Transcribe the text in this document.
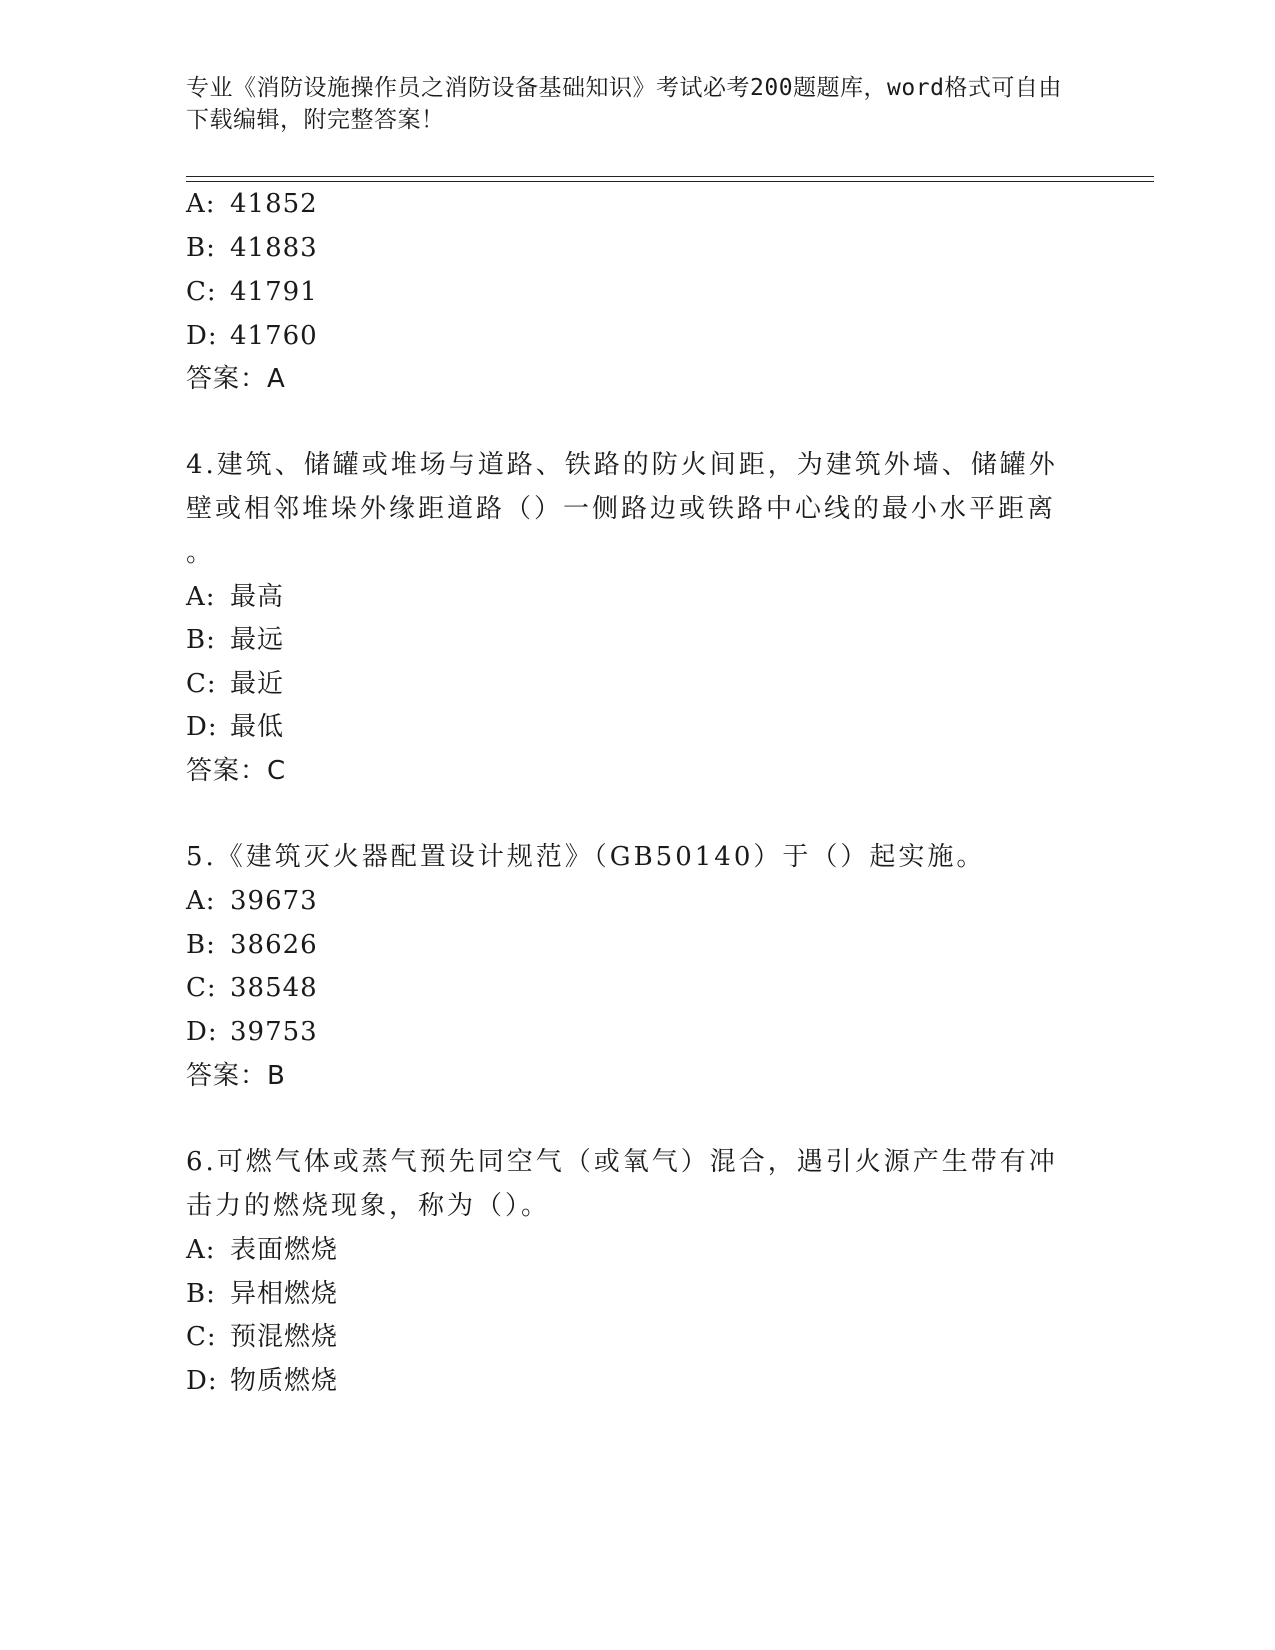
专业《消防设施操作员之消防设备基础知识》考试必考200题题库，word格式可自由下载编辑，附完整答案！
A: 41852
B: 41883
C: 41791
D: 41760
答案：A
4.建筑、储罐或堆场与道路、铁路的防火间距，为建筑外墙、储罐外
壁或相邻堆垛外缘距道路（）一侧路边或铁路中心线的最小水平距离
。
A: 最高
B: 最远
C: 最近
D: 最低
答案：C
5.《建筑灭火器配置设计规范》（GB50140）于（）起实施。
A: 39673
B: 38626
C: 38548
D: 39753
答案：B
6.可燃气体或蒸气预先同空气（或氧气）混合，遇引火源产生带有冲
击力的燃烧现象，称为（）。
A: 表面燃烧
B: 异相燃烧
C: 预混燃烧
D: 物质燃烧
